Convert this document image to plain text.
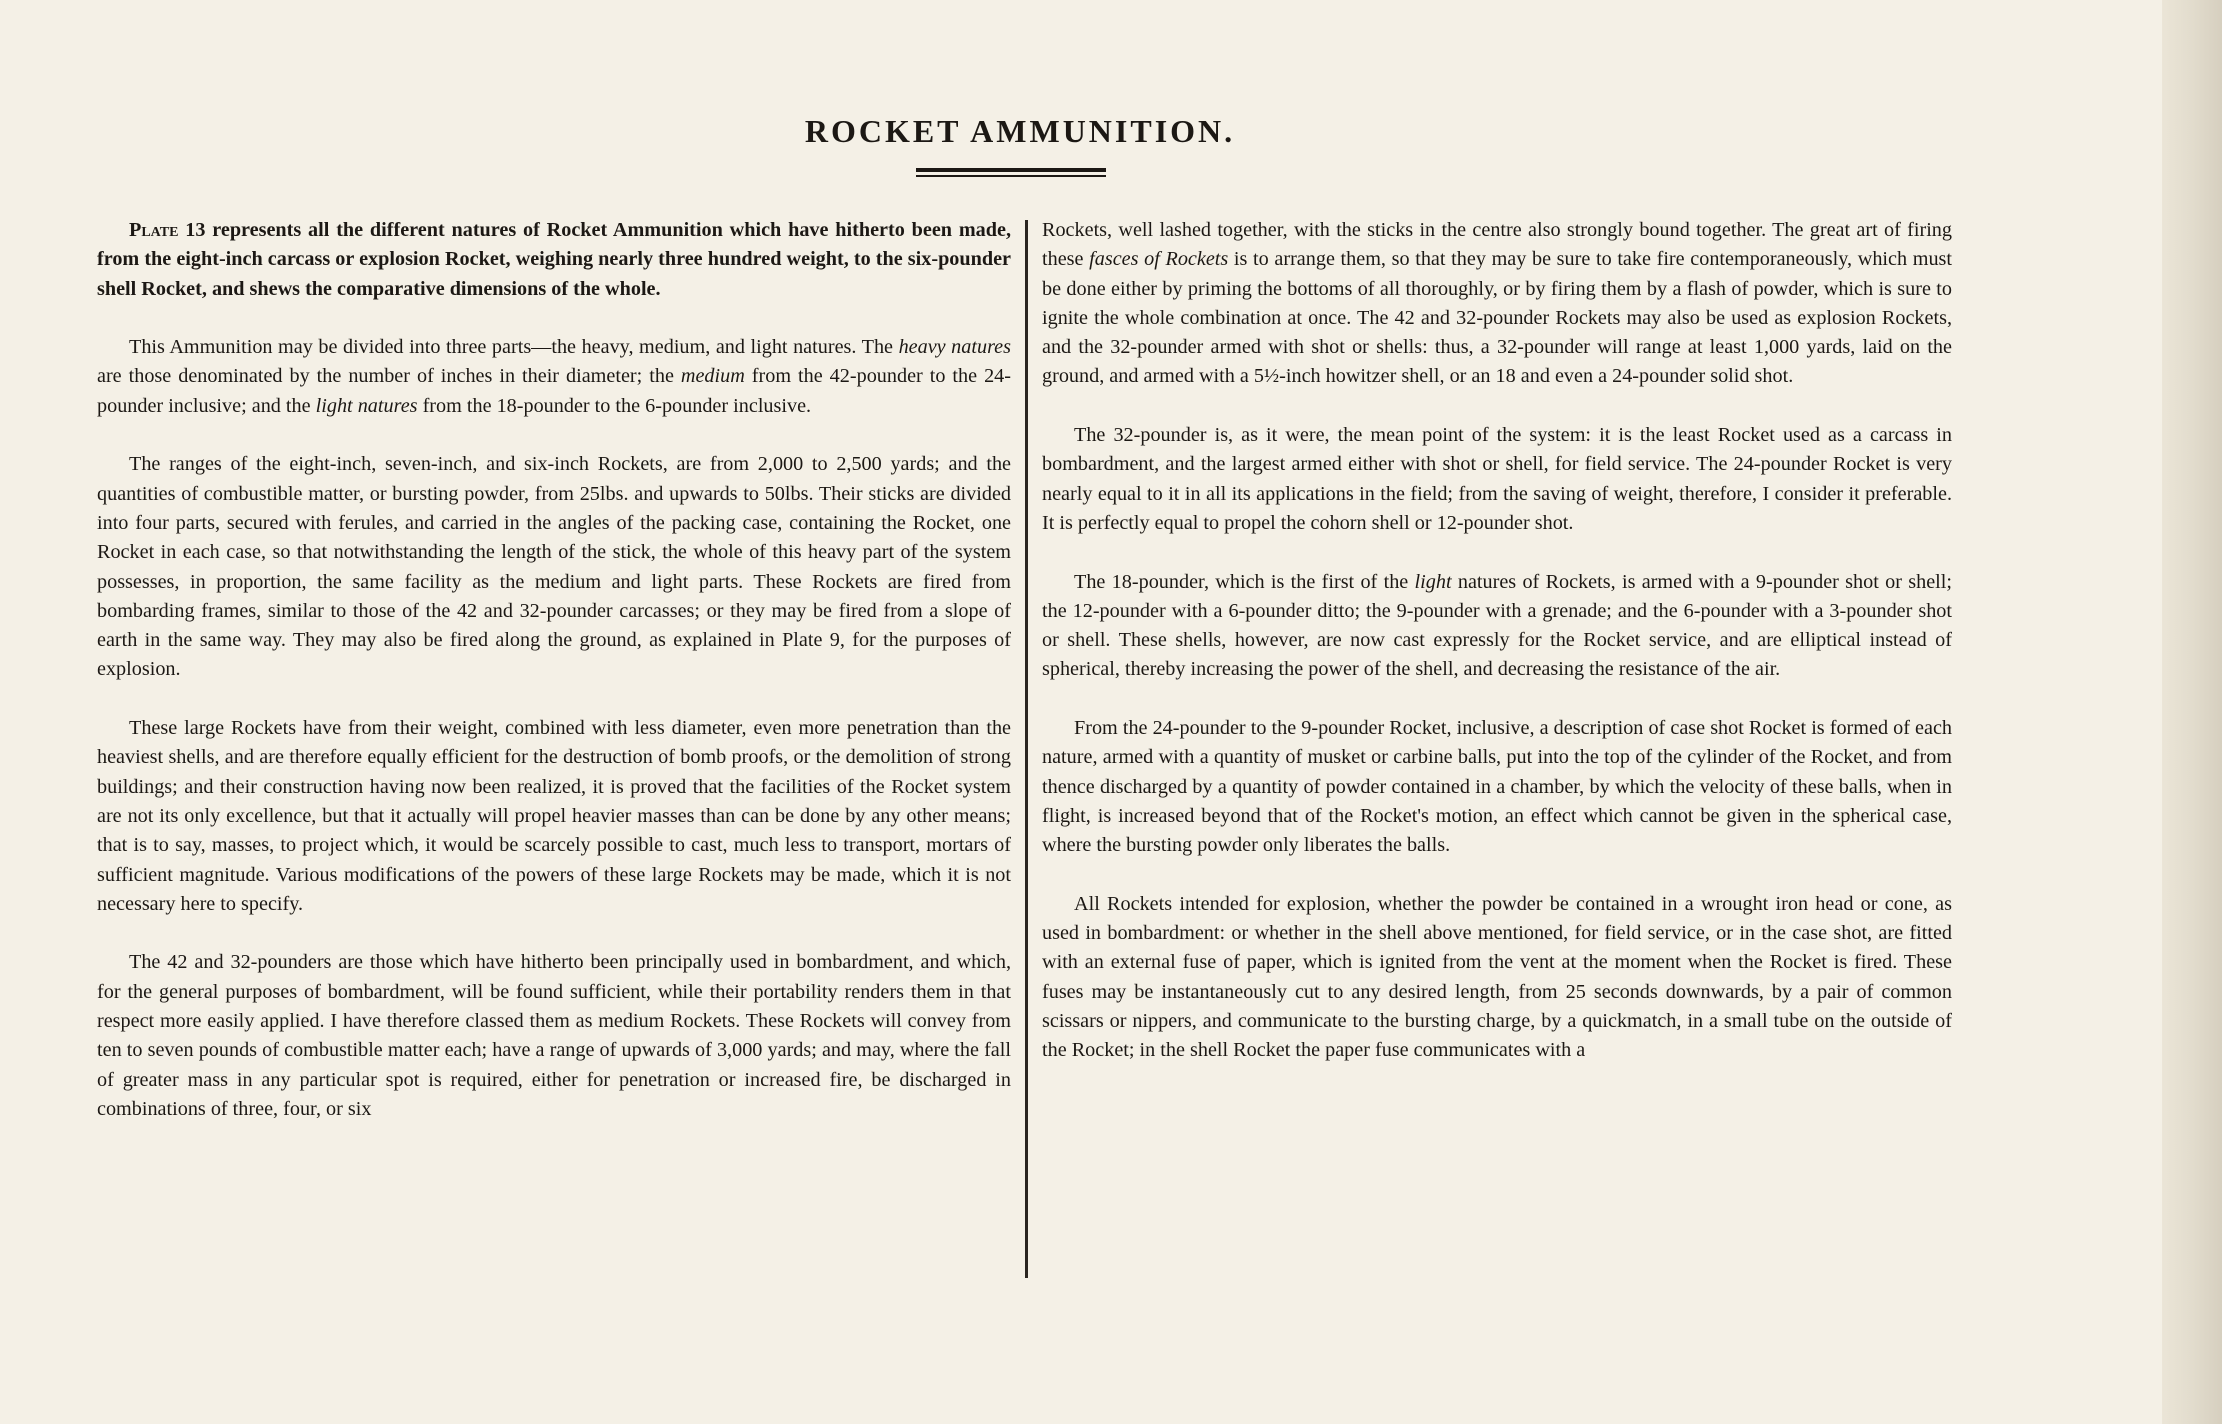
ROCKET AMMUNITION.

Plate 13 represents all the different natures of Rocket Ammunition which have hitherto been made, from the eight-inch carcass or explosion Rocket, weighing nearly three hundred weight, to the six-pounder shell Rocket, and shews the comparative dimensions of the whole.

This Ammunition may be divided into three parts—the heavy, medium, and light natures. The heavy natures are those denominated by the number of inches in their diameter; the medium from the 42-pounder to the 24-pounder inclusive; and the light natures from the 18-pounder to the 6-pounder inclusive.

The ranges of the eight-inch, seven-inch, and six-inch Rockets, are from 2,000 to 2,500 yards; and the quantities of combustible matter, or bursting powder, from 25lbs. and upwards to 50lbs. Their sticks are divided into four parts, secured with ferules, and carried in the angles of the packing case, containing the Rocket, one Rocket in each case, so that notwithstanding the length of the stick, the whole of this heavy part of the system possesses, in proportion, the same facility as the medium and light parts. These Rockets are fired from bombarding frames, similar to those of the 42 and 32-pounder carcasses; or they may be fired from a slope of earth in the same way. They may also be fired along the ground, as explained in Plate 9, for the purposes of explosion.

These large Rockets have from their weight, combined with less diameter, even more penetration than the heaviest shells, and are therefore equally efficient for the destruction of bomb proofs, or the demolition of strong buildings; and their construction having now been realized, it is proved that the facilities of the Rocket system are not its only excellence, but that it actually will propel heavier masses than can be done by any other means; that is to say, masses, to project which, it would be scarcely possible to cast, much less to transport, mortars of sufficient magnitude. Various modifications of the powers of these large Rockets may be made, which it is not necessary here to specify.

The 42 and 32-pounders are those which have hitherto been principally used in bombardment, and which, for the general purposes of bombardment, will be found sufficient, while their portability renders them in that respect more easily applied. I have therefore classed them as medium Rockets. These Rockets will convey from ten to seven pounds of combustible matter each; have a range of upwards of 3,000 yards; and may, where the fall of greater mass in any particular spot is required, either for penetration or increased fire, be discharged in combinations of three, four, or six

Rockets, well lashed together, with the sticks in the centre also strongly bound together. The great art of firing these fasces of Rockets is to arrange them, so that they may be sure to take fire contemporaneously, which must be done either by priming the bottoms of all thoroughly, or by firing them by a flash of powder, which is sure to ignite the whole combination at once. The 42 and 32-pounder Rockets may also be used as explosion Rockets, and the 32-pounder armed with shot or shells: thus, a 32-pounder will range at least 1,000 yards, laid on the ground, and armed with a 5½-inch howitzer shell, or an 18 and even a 24-pounder solid shot.

The 32-pounder is, as it were, the mean point of the system: it is the least Rocket used as a carcass in bombardment, and the largest armed either with shot or shell, for field service. The 24-pounder Rocket is very nearly equal to it in all its applications in the field; from the saving of weight, therefore, I consider it preferable. It is perfectly equal to propel the cohorn shell or 12-pounder shot.

The 18-pounder, which is the first of the light natures of Rockets, is armed with a 9-pounder shot or shell; the 12-pounder with a 6-pounder ditto; the 9-pounder with a grenade; and the 6-pounder with a 3-pounder shot or shell. These shells, however, are now cast expressly for the Rocket service, and are elliptical instead of spherical, thereby increasing the power of the shell, and decreasing the resistance of the air.

From the 24-pounder to the 9-pounder Rocket, inclusive, a description of case shot Rocket is formed of each nature, armed with a quantity of musket or carbine balls, put into the top of the cylinder of the Rocket, and from thence discharged by a quantity of powder contained in a chamber, by which the velocity of these balls, when in flight, is increased beyond that of the Rocket's motion, an effect which cannot be given in the spherical case, where the bursting powder only liberates the balls.

All Rockets intended for explosion, whether the powder be contained in a wrought iron head or cone, as used in bombardment: or whether in the shell above mentioned, for field service, or in the case shot, are fitted with an external fuse of paper, which is ignited from the vent at the moment when the Rocket is fired. These fuses may be instantaneously cut to any desired length, from 25 seconds downwards, by a pair of common scissars or nippers, and communicate to the bursting charge, by a quickmatch, in a small tube on the outside of the Rocket; in the shell Rocket the paper fuse communicates with a
